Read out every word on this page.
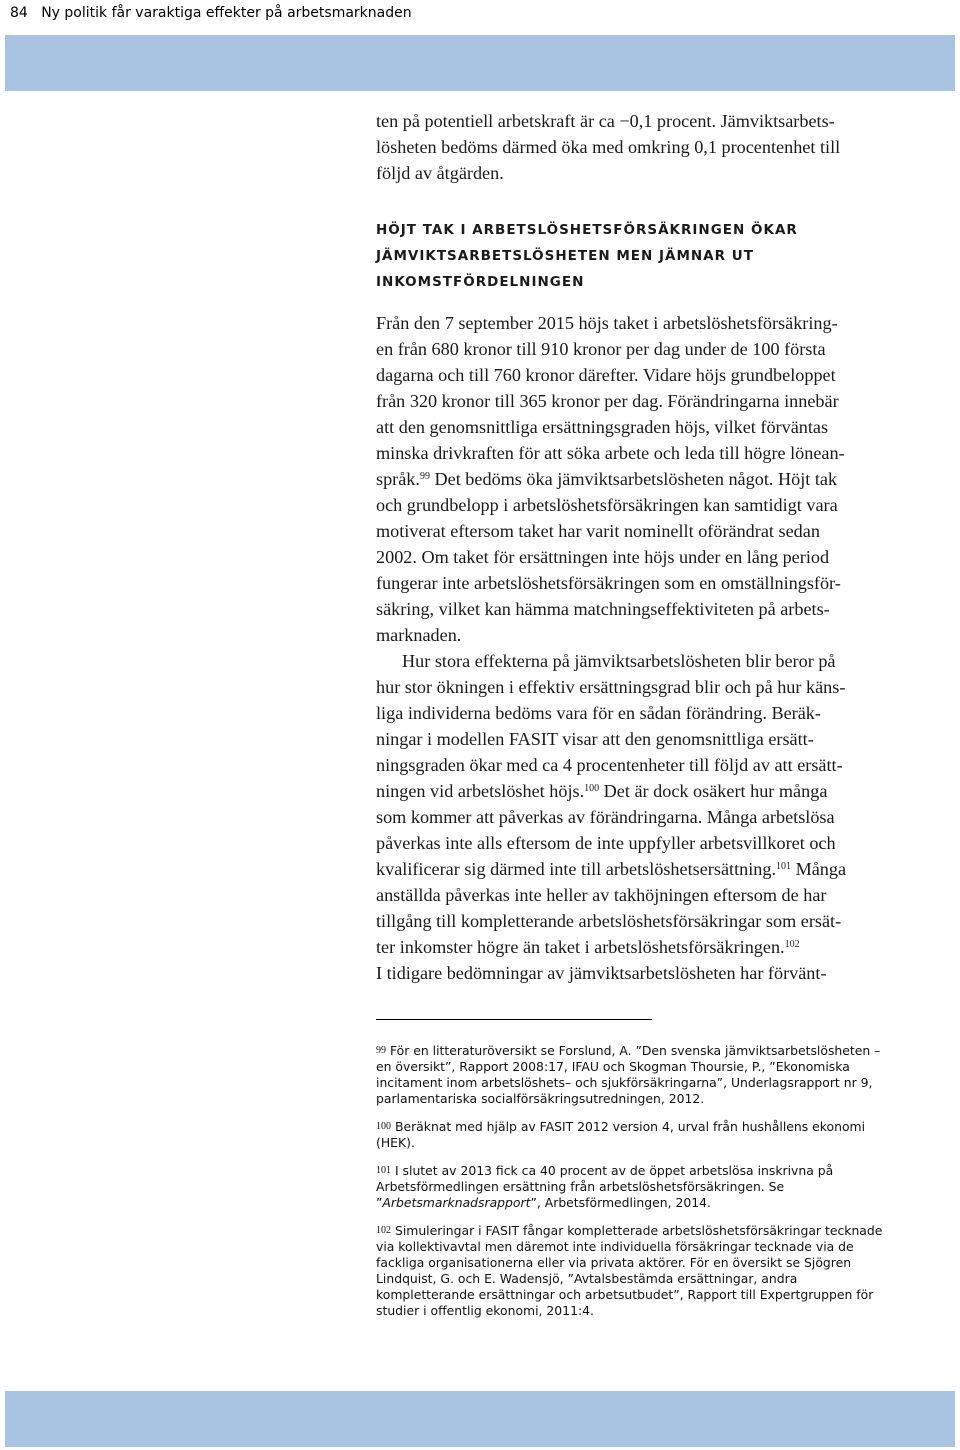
84 Ny politik får varaktiga effekter på arbetsmarknaden
ten på potentiell arbetskraft är ca −0,1 procent. Jämviktsarbets-
lösheten bedöms därmed öka med omkring 0,1 procentenhet till
följd av åtgärden.
HÖJT TAK I ARBETSLÖSHETSFÖRSÄKRINGEN ÖKAR
JÄMVIKTSARBETSLÖSHETEN MEN JÄMNAR UT
INKOMSTFÖRDELNINGEN
Från den 7 september 2015 höjs taket i arbetslöshetsförsäkring-
en från 680 kronor till 910 kronor per dag under de 100 första
dagarna och till 760 kronor därefter. Vidare höjs grundbeloppet
från 320 kronor till 365 kronor per dag. Förändringarna innebär
att den genomsnittliga ersättningsgraden höjs, vilket förväntas
minska drivkraften för att söka arbete och leda till högre lönean-
språk.$^{99}$ Det bedöms öka jämviktsarbetslösheten något. Höjt tak
och grundbelopp i arbetslöshetsförsäkringen kan samtidigt vara
motiverat eftersom taket har varit nominellt oförändrat sedan
2002. Om taket för ersättningen inte höjs under en lång period
fungerar inte arbetslöshetsförsäkringen som en omställningsför-
säkring, vilket kan hämma matchningseffektiviteten på arbets-
marknaden.
Hur stora effekterna på jämviktsarbetslösheten blir beror på
hur stor ökningen i effektiv ersättningsgrad blir och på hur käns-
liga individerna bedöms vara för en sådan förändring. Beräk-
ningar i modellen FASIT visar att den genomsnittliga ersätt-
ningsgraden ökar med ca 4 procentenheter till följd av att ersätt-
ningen vid arbetslöshet höjs.$^{100}$ Det är dock osäkert hur många
som kommer att påverkas av förändringarna. Många arbetslösa
påverkas inte alls eftersom de inte uppfyller arbetsvillkoret och
kvalificerar sig därmed inte till arbetslöshetsersättning.$^{101}$ Många
anställda påverkas inte heller av takhöjningen eftersom de har
tillgång till kompletterande arbetslöshetsförsäkringar som ersät-
ter inkomster högre än taket i arbetslöshetsförsäkringen.$^{102}$
I tidigare bedömningar av jämviktsarbetslösheten har förvänt-
$^{99}$ För en litteraturöversikt se Forslund, A. ”Den svenska jämviktsarbetslösheten –
en översikt”, Rapport 2008:17, IFAU och Skogman Thoursie, P., ”Ekonomiska
incitament inom arbetslöshets– och sjukförsäkringarna”, Underlagsrapport nr 9,
parlamentariska socialförsäkringsutredningen, 2012.
$^{100}$ Beräknat med hjälp av FASIT 2012 version 4, urval från hushållens ekonomi
(HEK).
$^{101}$ I slutet av 2013 fick ca 40 procent av de öppet arbetslösa inskrivna på
Arbetsförmedlingen ersättning från arbetslöshetsförsäkringen. Se
”Arbetsmarknadsrapport”, Arbetsförmedlingen, 2014.
$^{102}$ Simuleringar i FASIT fångar kompletterade arbetslöshetsförsäkringar tecknade
via kollektivavtal men däremot inte individuella försäkringar tecknade via de
fackliga organisationerna eller via privata aktörer. För en översikt se Sjögren
Lindquist, G. och E. Wadensjö, ”Avtalsbestämda ersättningar, andra
kompletterande ersättningar och arbetsutbudet”, Rapport till Expertgruppen för
studier i offentlig ekonomi, 2011:4.
